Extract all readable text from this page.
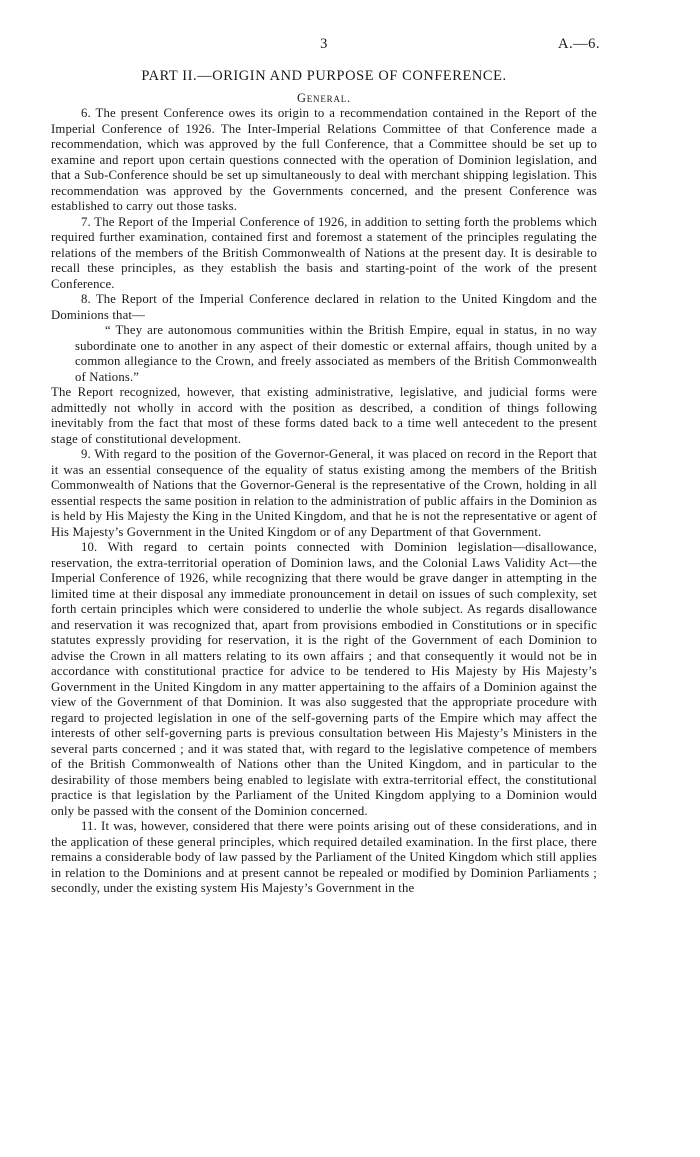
3	A.—6.
PART II.—ORIGIN AND PURPOSE OF CONFERENCE.
General.

6. The present Conference owes its origin to a recommendation contained in the Report of the Imperial Conference of 1926. The Inter-Imperial Relations Committee of that Conference made a recommendation, which was approved by the full Conference, that a Committee should be set up to examine and report upon certain questions connected with the operation of Dominion legislation, and that a Sub-Conference should be set up simultaneously to deal with merchant shipping legislation. This recommendation was approved by the Governments concerned, and the present Conference was established to carry out those tasks.

7. The Report of the Imperial Conference of 1926, in addition to setting forth the problems which required further examination, contained first and foremost a statement of the principles regulating the relations of the members of the British Commonwealth of Nations at the present day. It is desirable to recall these principles, as they establish the basis and starting-point of the work of the present Conference.

8. The Report of the Imperial Conference declared in relation to the United Kingdom and the Dominions that—

“ They are autonomous communities within the British Empire, equal in status, in no way subordinate one to another in any aspect of their domestic or external affairs, though united by a common allegiance to the Crown, and freely associated as members of the British Commonwealth of Nations.”

The Report recognized, however, that existing administrative, legislative, and judicial forms were admittedly not wholly in accord with the position as described, a condition of things following inevitably from the fact that most of these forms dated back to a time well antecedent to the present stage of constitutional development.

9. With regard to the position of the Governor-General, it was placed on record in the Report that it was an essential consequence of the equality of status existing among the members of the British Commonwealth of Nations that the Governor-General is the representative of the Crown, holding in all essential respects the same position in relation to the administration of public affairs in the Dominion as is held by His Majesty the King in the United Kingdom, and that he is not the representative or agent of His Majesty’s Government in the United Kingdom or of any Department of that Government.

10. With regard to certain points connected with Dominion legislation—disallowance, reservation, the extra-territorial operation of Dominion laws, and the Colonial Laws Validity Act—the Imperial Conference of 1926, while recognizing that there would be grave danger in attempting in the limited time at their disposal any immediate pronouncement in detail on issues of such complexity, set forth certain principles which were considered to underlie the whole subject. As regards disallowance and reservation it was recognized that, apart from provisions embodied in Constitutions or in specific statutes expressly providing for reservation, it is the right of the Government of each Dominion to advise the Crown in all matters relating to its own affairs ; and that consequently it would not be in accordance with constitutional practice for advice to be tendered to His Majesty by His Majesty’s Government in the United Kingdom in any matter appertaining to the affairs of a Dominion against the view of the Government of that Dominion. It was also suggested that the appropriate procedure with regard to projected legislation in one of the self-governing parts of the Empire which may affect the interests of other self-governing parts is previous consultation between His Majesty’s Ministers in the several parts concerned ; and it was stated that, with regard to the legislative competence of members of the British Commonwealth of Nations other than the United Kingdom, and in particular to the desirability of those members being enabled to legislate with extra-territorial effect, the constitutional practice is that legislation by the Parliament of the United Kingdom applying to a Dominion would only be passed with the consent of the Dominion concerned.

11. It was, however, considered that there were points arising out of these considerations, and in the application of these general principles, which required detailed examination. In the first place, there remains a considerable body of law passed by the Parliament of the United Kingdom which still applies in relation to the Dominions and at present cannot be repealed or modified by Dominion Parliaments ; secondly, under the existing system His Majesty’s Government in the
